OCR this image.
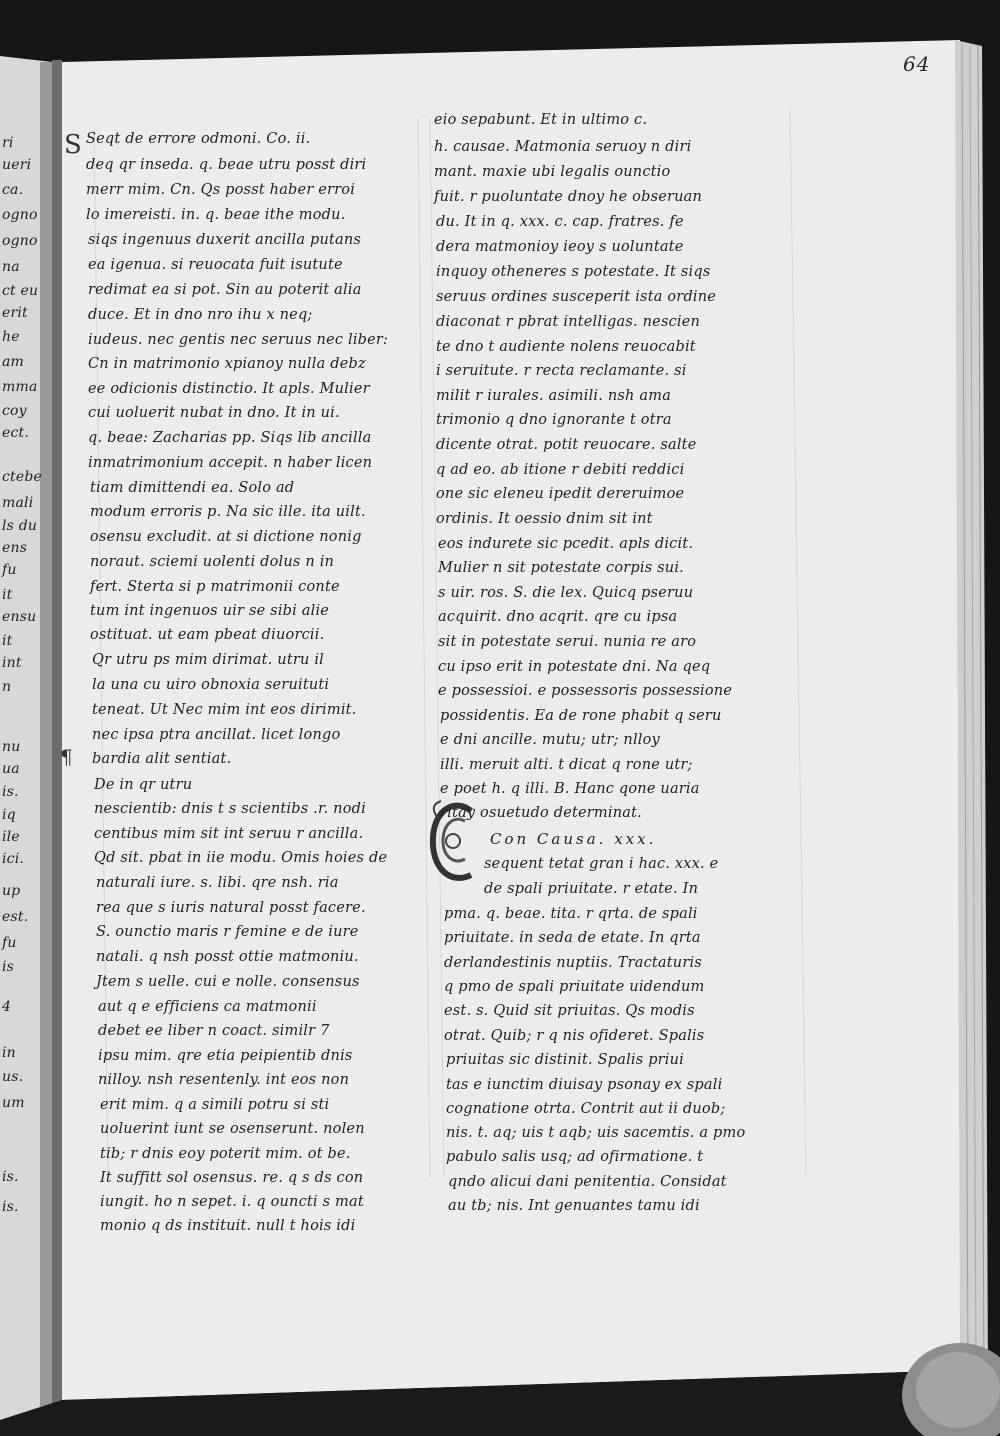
64
ri
ueri
ca.
ogno
ogno
na
ct eu
erit
he
am
mma
coy
ect.
ctebe
mali
ls du
ens
fu
it
ensu
it
int
n
nu
ua
is.
iq
ile
ici.
up
est.
fu
is
4
in
us.
um
is.
is.
S
¶
Seqt de errore odmoni. Co. ii.
deq qr inseda. q. beae utru posst diri
merr mim. Cn. Qs posst haber erroi
lo imereisti. in. q. beae ithe modu.
siqs ingenuus duxerit ancilla putans
ea igenua. si reuocata fuit isutute
redimat ea si pot. Sin au poterit alia
duce. Et in dno nro ihu x neq;
iudeus. nec gentis nec seruus nec liber:
Cn in matrimonio xpianoy nulla debz
ee odicionis distinctio. It apls. Mulier
cui uoluerit nubat in dno. It in ui.
q. beae: Zacharias pp. Siqs lib ancilla
inmatrimonium accepit. n haber licen
tiam dimittendi ea. Solo ad
modum erroris p. Na sic ille. ita uilt.
osensu excludit. at si dictione nonig
noraut. sciemi uolenti dolus n in
fert. Sterta si p matrimonii conte
tum int ingenuos uir se sibi alie
ostituat. ut eam pbeat diuorcii.
Qr utru ps mim dirimat. utru il
la una cu uiro obnoxia seruituti
teneat. Ut Nec mim int eos dirimit.
nec ipsa ptra ancillat. licet longo
bardia alit sentiat.
De in qr utru
nescientib: dnis t s scientibs .r. nodi
centibus mim sit int seruu r ancilla.
Qd sit. pbat in iie modu. Omis hoies de
naturali iure. s. libi. qre nsh. ria
rea que s iuris natural posst facere.
S. ounctio maris r femine e de iure
natali. q nsh posst ottie matmoniu.
Jtem s uelle. cui e nolle. consensus
aut q e efficiens ca matmonii
debet ee liber n coact. similr 7
ipsu mim. qre etia peipientib dnis
nilloy. nsh resentenly. int eos non
erit mim. q a simili potru si sti
uoluerint iunt se osenserunt. nolen
tib; r dnis eoy poterit mim. ot be.
It suffitt sol osensus. re. q s ds con
iungit. ho n sepet. i. q ouncti s mat
monio q ds instituit. null t hois idi
eio sepabunt. Et in ultimo c.
h. causae. Matmonia seruoy n diri
mant. maxie ubi legalis ounctio
fuit. r puoluntate dnoy he obseruan
du. It in q. xxx. c. cap. fratres. fe
dera matmonioy ieoy s uoluntate
inquoy otheneres s potestate. It siqs
seruus ordines susceperit ista ordine
diaconat r pbrat intelligas. nescien
te dno t audiente nolens reuocabit
i seruitute. r recta reclamante. si
milit r iurales. asimili. nsh ama
trimonio q dno ignorante t otra
dicente otrat. potit reuocare. salte
q ad eo. ab itione r debiti reddici
one sic eleneu ipedit dereruimoe
ordinis. It oessio dnim sit int
eos indurete sic pcedit. apls dicit.
Mulier n sit potestate corpis sui.
s uir. ros. S. die lex. Quicq pseruu
acquirit. dno acqrit. qre cu ipsa
sit in potestate serui. nunia re aro
cu ipso erit in potestate dni. Na qeq
e possessioi. e possessoris possessione
possidentis. Ea de rone phabit q seru
e dni ancille. mutu; utr; nlloy
illi. meruit alti. t dicat q rone utr;
e poet h. q illi. B. Hanc qone uaria
ritay osuetudo determinat.
Con Causa. xxx.
sequent tetat gran i hac. xxx. e
de spali priuitate. r etate. In
pma. q. beae. tita. r qrta. de spali
priuitate. in seda de etate. In qrta
derlandestinis nuptiis. Tractaturis
q pmo de spali priuitate uidendum
est. s. Quid sit priuitas. Qs modis
otrat. Quib; r q nis ofideret. Spalis
priuitas sic distinit. Spalis priui
tas e iunctim diuisay psonay ex spali
cognatione otrta. Contrit aut ii duob;
nis. t. aq; uis t aqb; uis sacemtis. a pmo
pabulo salis usq; ad ofirmatione. t
qndo alicui dani penitentia. Considat
au tb; nis. Int genuantes tamu idi
